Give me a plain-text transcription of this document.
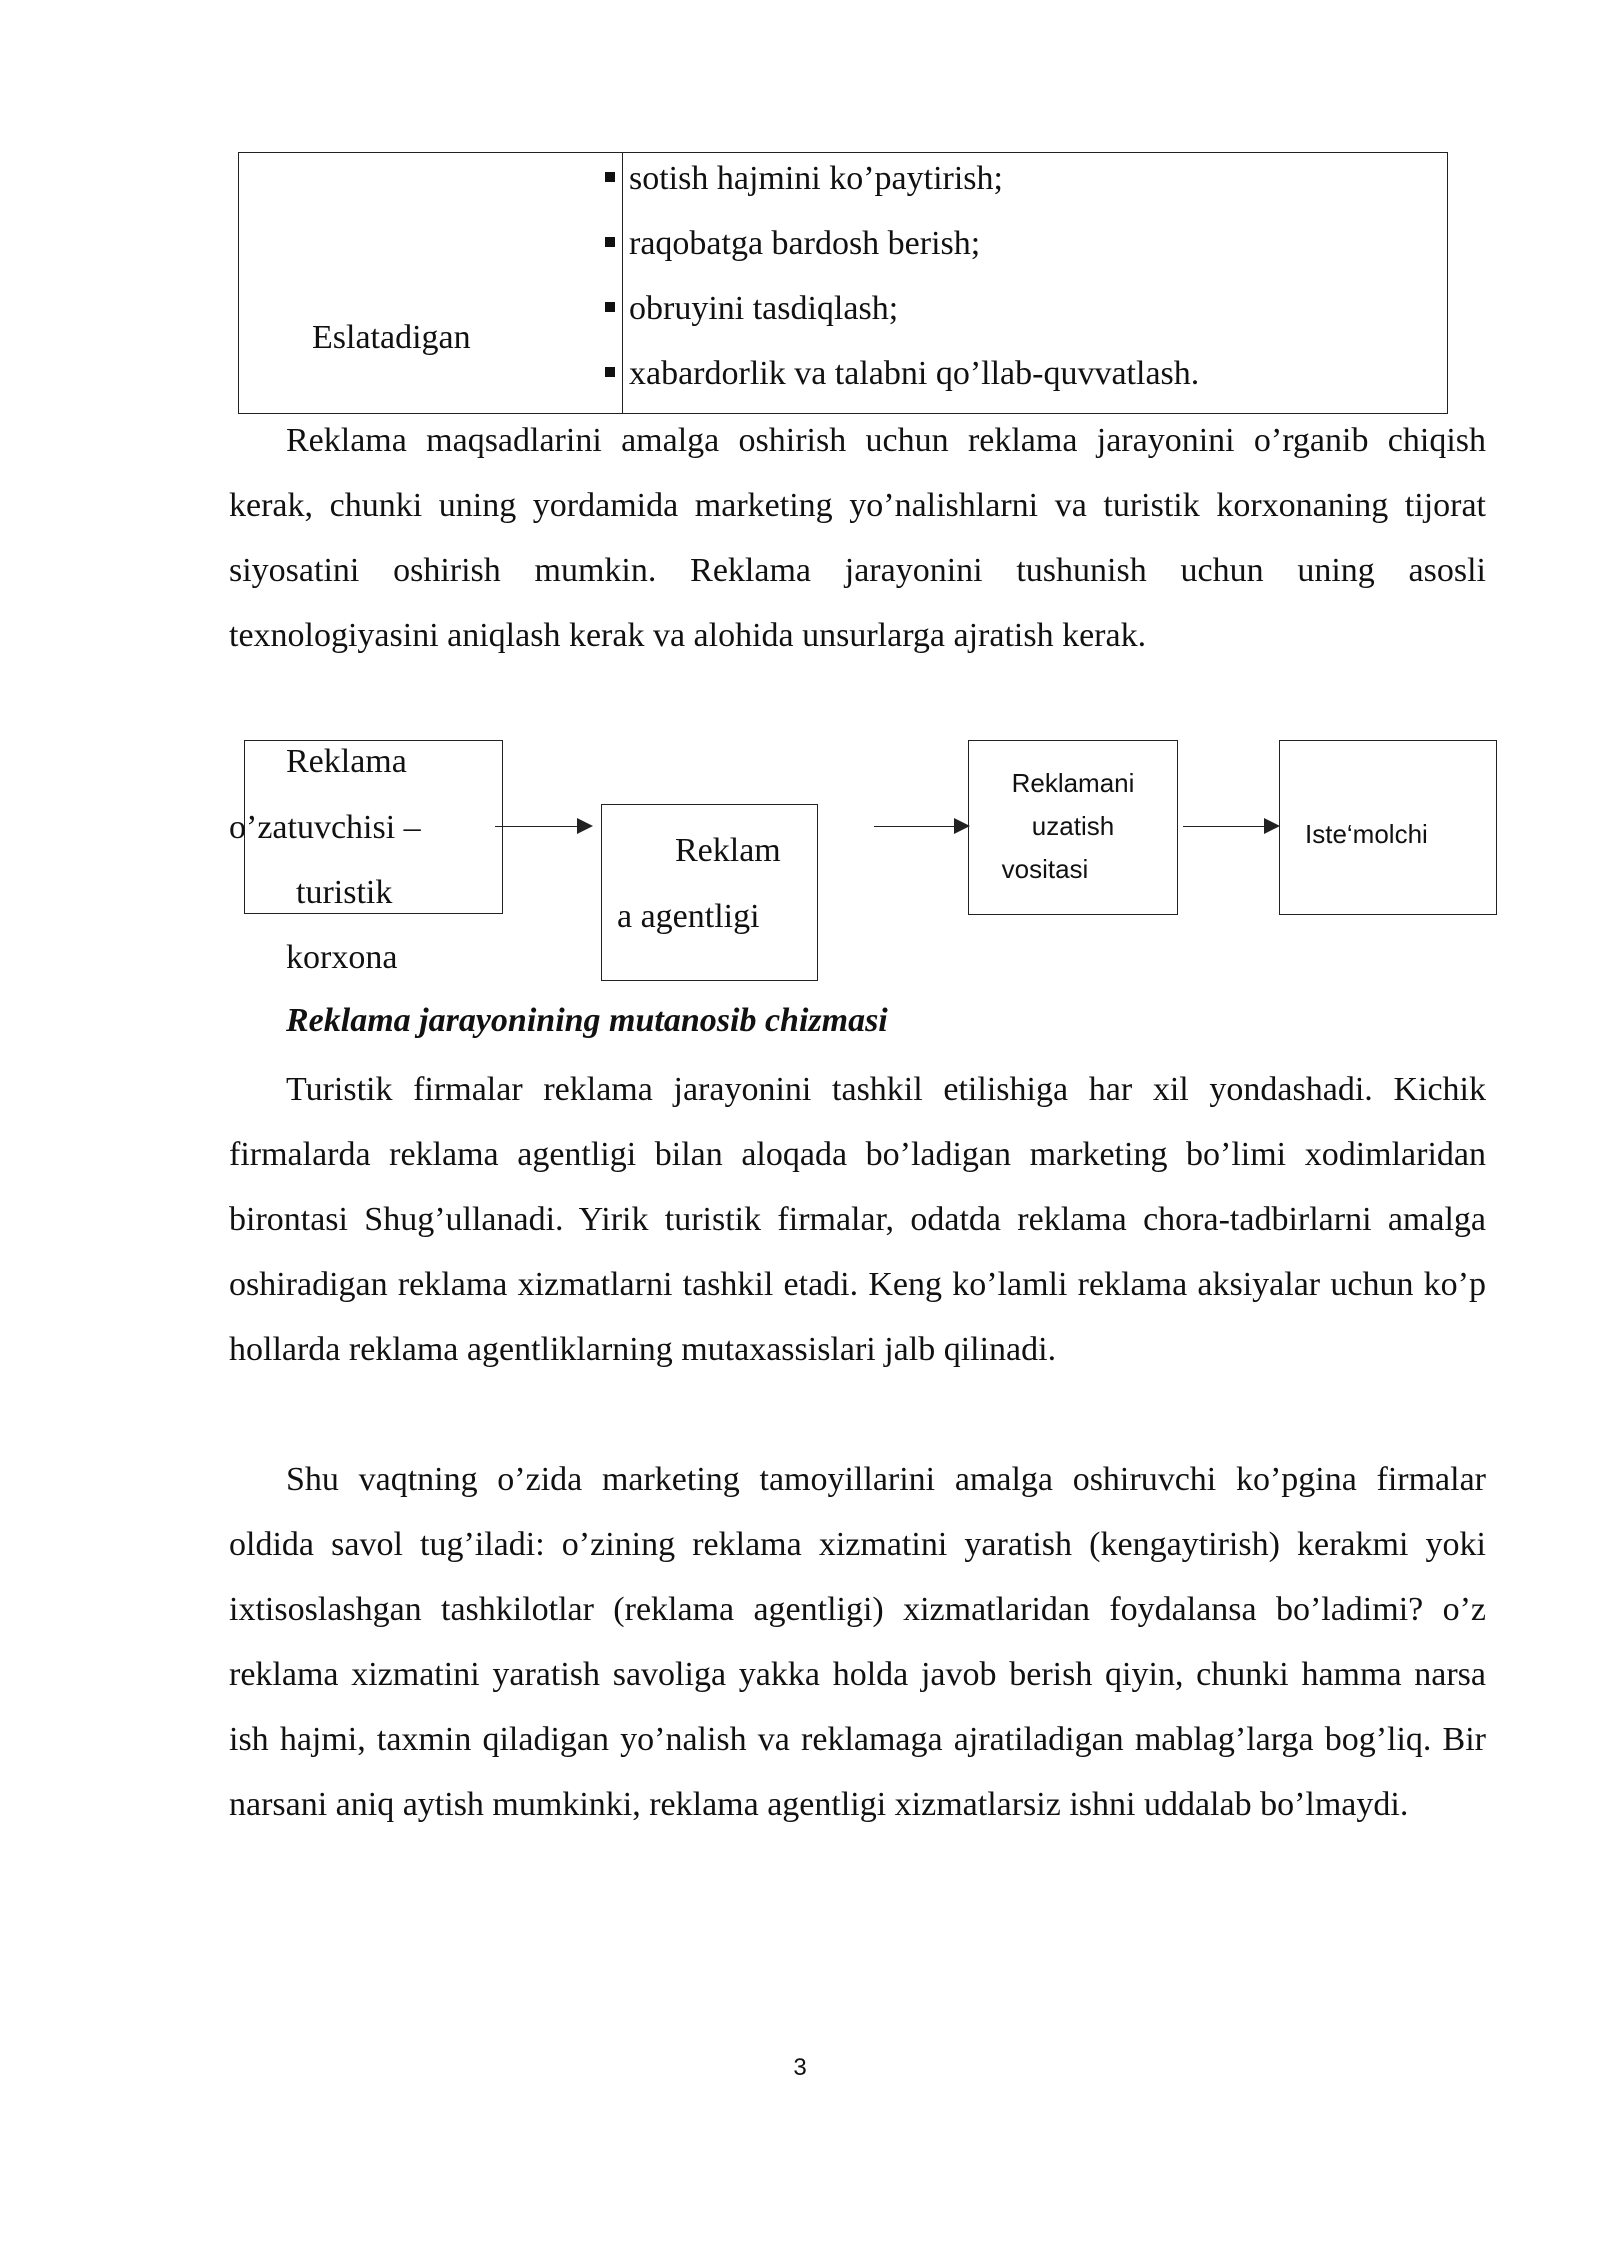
Eslatadigan
sotish hajmini ko’paytirish;
raqobatga bardosh berish;
obruyini tasdiqlash;
xabardorlik va talabni qo’llab-quvvatlash.

Reklama maqsadlarini amalga oshirish uchun reklama jarayonini o’rganib chiqish kerak, chunki uning yordamida marketing yo’nalishlarni va turistik korxonaning tijorat siyosatini oshirish mumkin. Reklama jarayonini tushunish uchun uning asosli texnologiyasini aniqlash kerak va alohida unsurlarga ajratish kerak.

Reklama
o’zatuvchisi –
turistik
korxona
Reklam
a agentligi
Reklamani
uzatish
vositasi
Iste‘molchi
Reklama jarayonining mutanosib chizmasi

Turistik firmalar reklama jarayonini tashkil etilishiga har xil yondashadi. Kichik firmalarda reklama agentligi bilan aloqada bo’ladigan marketing bo’limi xodimlaridan birontasi Shug’ullanadi. Yirik turistik firmalar, odatda reklama chora-tadbirlarni amalga oshiradigan reklama xizmatlarni tashkil etadi. Keng ko’lamli reklama aksiyalar uchun ko’p hollarda reklama agentliklarning mutaxassislari jalb qilinadi.

Shu vaqtning o’zida marketing tamoyillarini amalga oshiruvchi ko’pgina firmalar oldida savol tug’iladi: o’zining reklama xizmatini yaratish (kengaytirish) kerakmi yoki ixtisoslashgan tashkilotlar (reklama agentligi) xizmatlaridan foydalansa bo’ladimi? o’z reklama xizmatini yaratish savoliga yakka holda javob berish qiyin, chunki hamma narsa ish hajmi, taxmin qiladigan yo’nalish va reklamaga ajratiladigan mablag’larga bog’liq. Bir narsani aniq aytish mumkinki, reklama agentligi xizmatlarsiz ishni uddalab bo’lmaydi.

3
